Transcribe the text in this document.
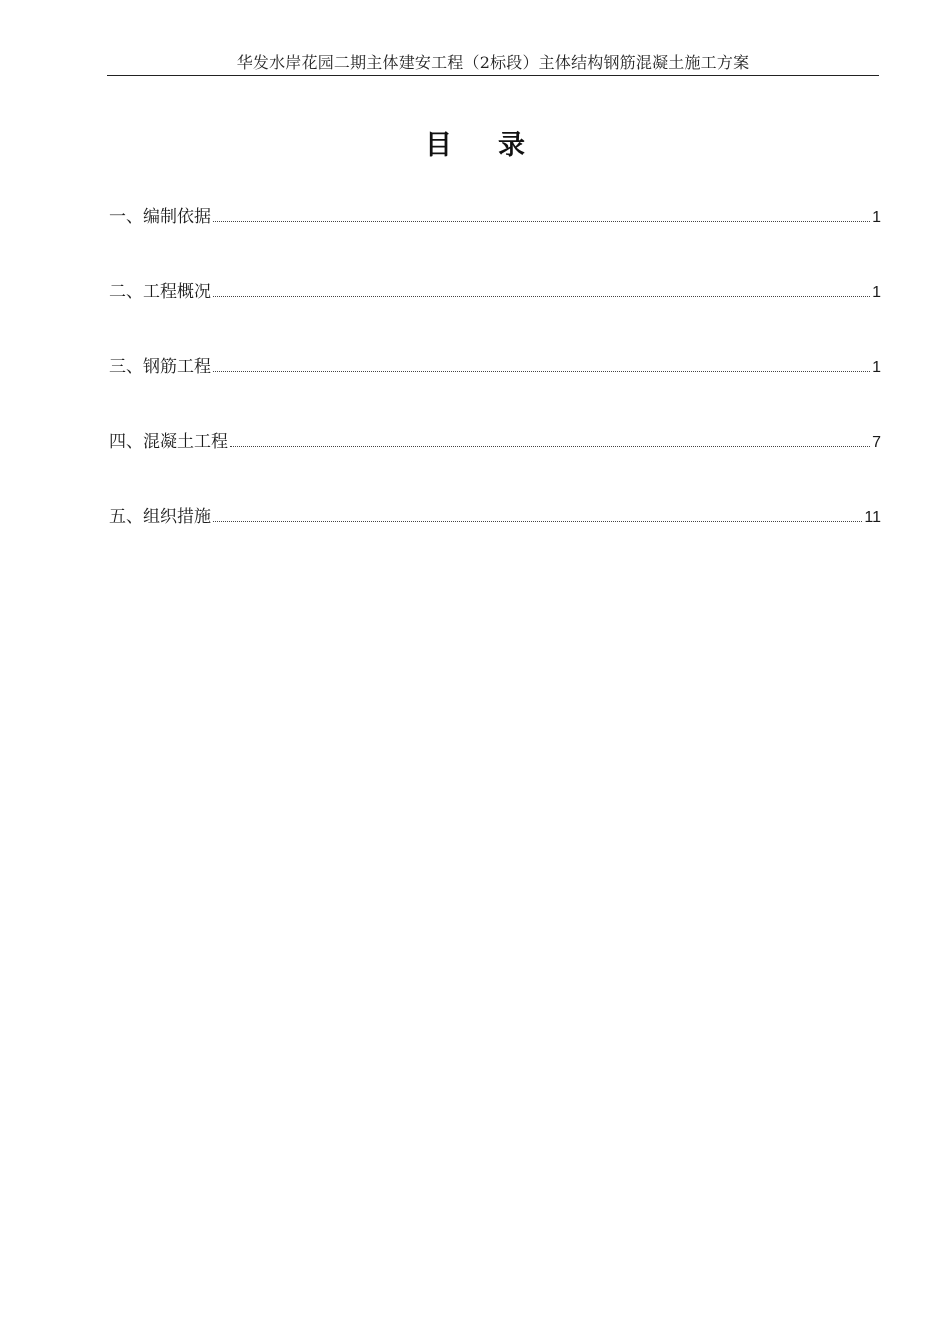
华发水岸花园二期主体建安工程（2标段）主体结构钢筋混凝土施工方案
目 录
一、编制依据	1
二、工程概况	1
三、钢筋工程	1
四、混凝土工程	7
五、组织措施	11
